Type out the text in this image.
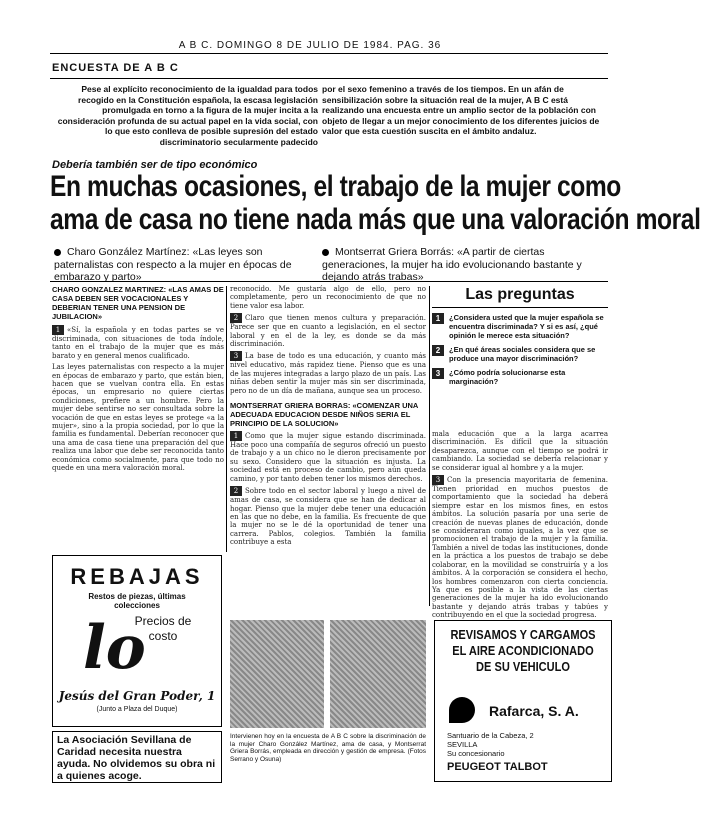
A B C. DOMINGO 8 DE JULIO DE 1984. PAG. 36
ENCUESTA DE A B C
Pese al explícito reconocimiento de la igualdad para todos recogido en la Constitución española, la escasa legislación promulgada en torno a la figura de la mujer incita a la consideración profunda de su actual papel en la vida social, con lo que esto conlleva de posible supresión del estado discriminatorio secularmente padecido
por el sexo femenino a través de los tiempos. En un afán de sensibilización sobre la situación real de la mujer, A B C está realizando una encuesta entre un amplio sector de la población con objeto de llegar a un mejor conocimiento de los diferentes juicios de valor que esta cuestión suscita en el ámbito andaluz.
Debería también ser de tipo económico
En muchas ocasiones, el trabajo de la mujer como
ama de casa no tiene nada más que una valoración moral
Charo González Martínez: «Las leyes son paternalistas con respecto a la mujer en épocas de embarazo y parto»
Montserrat Griera Borrás: «A partir de ciertas generaciones, la mujer ha ido evolucionando bastante y dejando atrás trabas»
CHARO GONZALEZ MARTINEZ: «LAS AMAS DE CASA DEBEN SER VOCACIONALES Y DEBERIAN TENER UNA PENSION DE JUBILACION»
1 «Sí, la española y en todas partes se ve discriminada, con situaciones de toda índole, tanto en el trabajo de la mujer que es más barato y en general menos cualificado.
Las leyes paternalistas con respecto a la mujer en épocas de embarazo y parto, que están bien, hacen que se vuelvan contra ella. En estas épocas, un empresario no quiere ciertas condiciones, prefiere a un hombre. Pero la mujer debe sentirse no ser consultada sobre la vocación de que en estas leyes se protege «a la mujer», sino a la propia sociedad, por lo que la familia es fundamental. Deberían reconocer que una ama de casa tiene una preparación del que realiza una labor que debe ser reconocida tanto económica como socialmente, para que todo no quede en una mera valoración moral.
REBAJAS
Restos de piezas, últimas colecciones
Precios de costo
lo
Jesús del Gran Poder, 1
(Junto a Plaza del Duque)
La Asociación Sevillana de Caridad necesita nuestra ayuda. No olvidemos su obra ni a quienes acoge.
reconocido. Me gustaría algo de ello, pero no completamente, pero un reconocimiento de que no tiene valor esa labor.
2 Claro que tienen menos cultura y preparación. Parece ser que en cuanto a legislación, en el sector laboral y en el de la ley, es donde se da más discriminación.
3 La base de todo es una educación, y cuanto más nivel educativo, más rapidez tiene. Pienso que es una de las mujeres integradas a largo plazo de un país. Las niñas deben sentir la mujer más sin ser discriminada, pero no de un día de mañana, aunque sea un proceso.
MONTSERRAT GRIERA BORRAS: «COMENZAR UNA ADECUADA EDUCACION DESDE NIÑOS SERIA EL PRINCIPIO DE LA SOLUCION»
1 Como que la mujer sigue estando discriminada. Hace poco una compañía de seguros ofreció un puesto de trabajo y a un chico no le dieron precisamente por su sexo. Considero que la situación es injusta. La sociedad está en proceso de cambio, pero aún queda camino, y por tanto deben tener los mismos derechos.
2 Sobre todo en el sector laboral y luego a nivel de amas de casa, se considera que se han de dedicar al hogar. Pienso que la mujer debe tener una educación en las que no debe, en la familia. Es frecuente de que la mujer no se le dé la oportunidad de tener una carrera. Pablos, colegios. También la familia contribuye a esta
Intervienen hoy en la encuesta de A B C sobre la discriminación de la mujer Charo González Martínez, ama de casa, y Montserrat Griera Borrás, empleada en dirección y gestión de empresa. (Fotos Serrano y Osuna)
Las preguntas
1	¿Considera usted que la mujer española se encuentra discriminada? Y si es así, ¿qué opinión le merece esta situación?
2	¿En qué áreas sociales considera que se produce una mayor discriminación?
3	¿Cómo podría solucionarse esta marginación?
mala educación que a la larga acarrea discriminación. Es difícil que la situación desaparezca, aunque con el tiempo se podrá ir cambiando. La sociedad se debería relacionar y se considerar igual al hombre y a la mujer.
3 Con la presencia mayoritaria de femenina. Tienen prioridad en muchos puestos de comportamiento que la sociedad ha deberá siempre estar en los mismos fines, en estos ámbitos. La solución pasaría por una serie de creación de nuevas planes de educación, donde se consideraran como iguales, a la vez que se promocionen el trabajo de la mujer y la familia. También a nivel de todas las instituciones, donde en la práctica a los puestos de trabajo se debe colaborar, en la movilidad se construiría y a los ámbitos. A la corporación se considera el hecho, los hombres comenzaron con cierta conciencia. Ya que es posible a la vista de las ciertas generaciones de la mujer ha ido evolucionando bastante y dejando atrás trabas y tabúes y contribuyendo en el que la sociedad progresa.
REVISAMOS Y CARGAMOS
EL AIRE ACONDICIONADO
DE SU VEHICULO
Rafarca, S. A.
Santuario de la Cabeza, 2
SEVILLA
Su concesionario
PEUGEOT TALBOT
